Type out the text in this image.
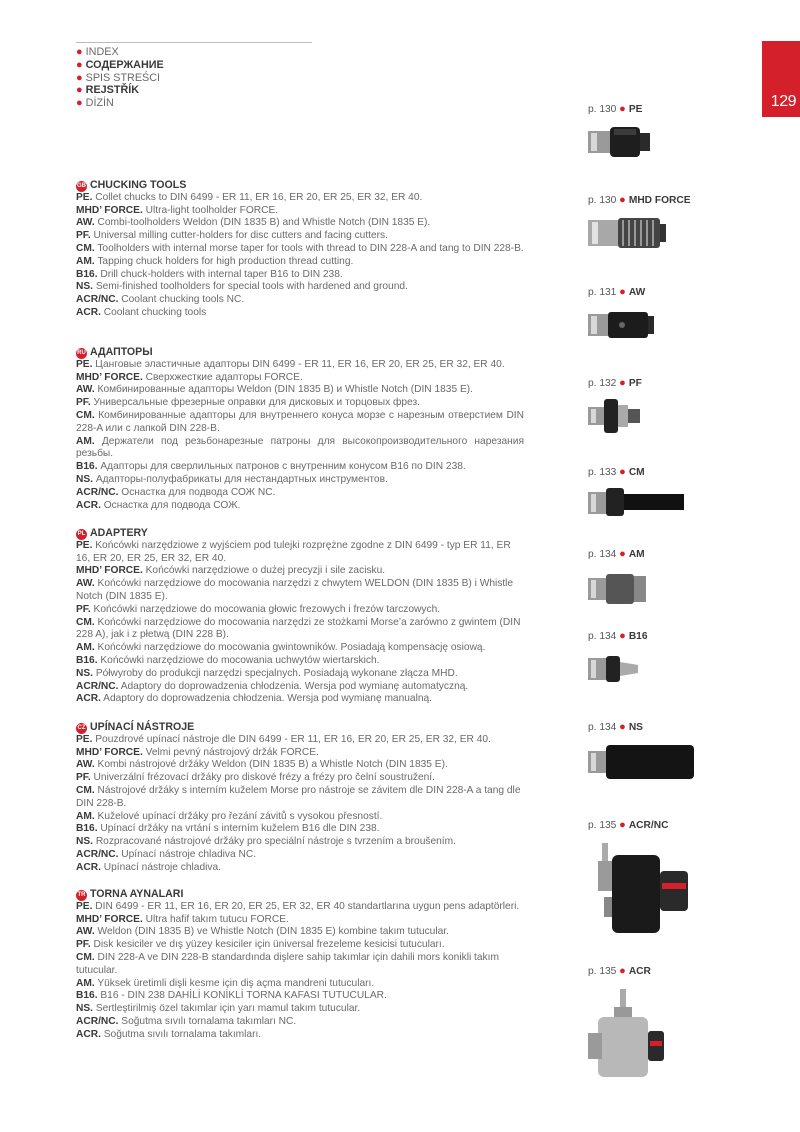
● INDEX
● СОДЕРЖАНИЕ
● SPIS STREŚCI
● REJSTŘÍK
● DİZİN	129
GB CHUCKING TOOLS

PE. Collet chucks to DIN 6499 - ER 11, ER 16, ER 20, ER 25, ER 32, ER 40.

MHD’ FORCE. Ultra-light toolholder FORCE.

AW. Combi-toolholders Weldon (DIN 1835 B) and Whistle Notch (DIN 1835 E).

PF. Universal milling cutter-holders for disc cutters and facing cutters.

CM. Toolholders with internal morse taper for tools with thread to DIN 228-A and tang to DIN 228-B.

AM. Tapping chuck holders for high production thread cutting.

B16. Drill chuck-holders with internal taper B16 to DIN 238.

NS. Semi-finished toolholders for special tools with hardened and ground.

ACR/NC. Coolant chucking tools NC.

ACR. Coolant chucking tools

RU АДАПТОРЫ

PE. Цанговые эластичные адапторы DIN 6499 - ER 11, ER 16, ER 20, ER 25, ER 32, ER 40.

MHD’ FORCE. Сверхжесткие адапторы FORCE.

AW. Комбинированные адапторы Weldon (DIN 1835 B) и Whistle Notch (DIN 1835 E).

PF. Универсальные фрезерные оправки для дисковых и торцовых фрез.

CM. Комбинированные адапторы для внутреннего конуса морзе с нарезным отверстием DIN 228-A или с лапкой DIN 228-B.

AM. Держатели под резьбонарезные патроны для высокопроизводительного нарезания резьбы.

B16. Адапторы для сверлильных патронов с внутренним конусом B16 по DIN 238.

NS. Адапторы-полуфабрикаты для нестандартных инструментов.

ACR/NC. Оснастка для подвода СОЖ NC.

ACR. Оснастка для подвода СОЖ.

PL ADAPTERY

PE. Końcówki narzędziowe z wyjściem pod tulejki rozprężne zgodne z DIN 6499 - typ ER 11, ER 16, ER 20, ER 25, ER 32, ER 40.

MHD’ FORCE. Końcówki narzędziowe o dużej precyzji i sile zacisku.

AW. Końcówki narzędziowe do mocowania narzędzi z chwytem WELDON (DIN 1835 B) i Whistle Notch (DIN 1835 E).

PF. Końcówki narzędziowe do mocowania głowic frezowych i frezów tarczowych.

CM. Końcówki narzędziowe do mocowania narzędzi ze stożkami Morse’a zarówno z gwintem (DIN 228 A), jak i z płetwą (DIN 228 B).

AM. Końcówki narzędziowe do mocowania gwintowników. Posiadają kompensację osiową.

B16. Końcówki narzędziowe do mocowania uchwytów wiertarskich.

NS. Półwyroby do produkcji narzędzi specjalnych. Posiadają wykonane złącza MHD.

ACR/NC. Adaptory do doprowadzenia chłodzenia. Wersja pod wymianę automatyczną.

ACR. Adaptory do doprowadzenia chłodzenia. Wersja pod wymianę manualną.

CZ UPÍNACÍ NÁSTROJE

PE. Pouzdrové upínací nástroje dle DIN 6499 - ER 11, ER 16, ER 20, ER 25, ER 32, ER 40.

MHD’ FORCE. Velmi pevný nástrojový držák FORCE.

AW. Kombi nástrojové držáky Weldon (DIN 1835 B) a Whistle Notch (DIN 1835 E).

PF. Univerzální frézovací držáky pro diskové frézy a frézy pro čelní soustružení.

CM. Nástrojové držáky s interním kuželem Morse pro nástroje se závitem dle DIN 228-A a tang dle DIN 228-B.

AM. Kuželové upínací držáky pro řezání závitů s vysokou přesností.

B16. Upínací držáky na vrtání s interním kuželem B16 dle DIN 238.

NS. Rozpracované nástrojové držáky pro speciální nástroje s tvrzením a broušením.

ACR/NC. Upínací nástroje chladiva NC.

ACR. Upínací nástroje chladiva.

TR TORNA AYNALARI

PE. DIN 6499 - ER 11, ER 16, ER 20, ER 25, ER 32, ER 40 standartlarına uygun pens adaptörleri.

MHD’ FORCE. Ultra hafif takım tutucu FORCE.

AW. Weldon (DIN 1835 B) ve Whistle Notch (DIN 1835 E) kombine takım tutucular.

PF. Disk kesiciler ve dış yüzey kesiciler için üniversal frezeleme kesicisi tutucuları.

CM. DIN 228-A ve DIN 228-B standardında dişlere sahip takımlar için dahili mors konikli takım tutucular.

AM. Yüksek üretimli dişli kesme için diş açma mandreni tutucuları.

B16. B16 - DIN 238 DAHİLİ KONİKLİ TORNA KAFASI TUTUCULAR.

NS. Sertleştirilmiş özel takımlar için yarı mamul takım tutucular.

ACR/NC. Soğutma sıvılı tornalama takımları NC.

ACR. Soğutma sıvılı tornalama takımları.

p. 130 ● PE
p. 130 ● MHD FORCE
p. 131 ● AW
p. 132 ● PF
p. 133 ● CM
p. 134 ● AM
p. 134 ● B16
p. 134 ● NS
p. 135 ● ACR/NC
p. 135 ● ACR
